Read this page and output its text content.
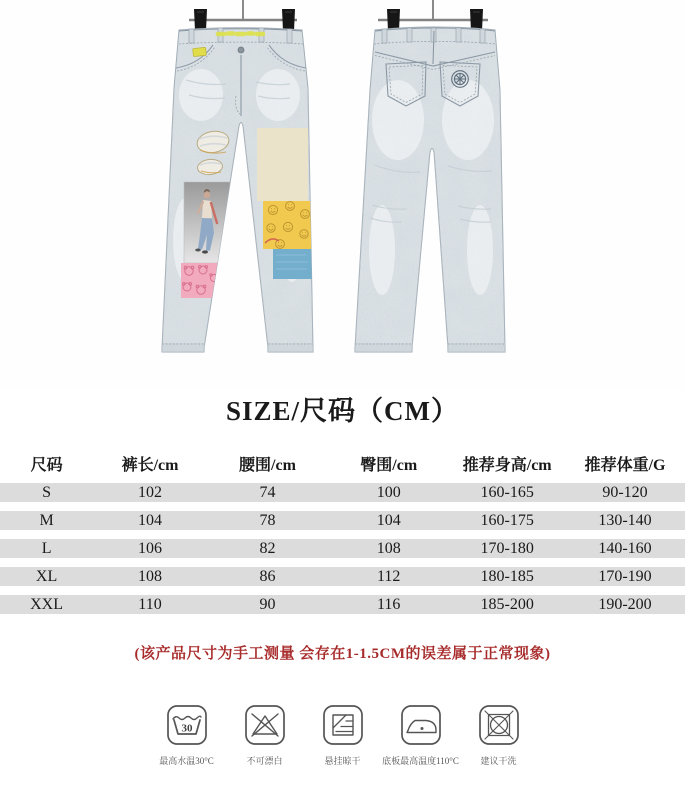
SIZE/尺码（CM）
尺码	裤长/cm	腰围/cm	臀围/cm	推荐身高/cm	推荐体重/G
S	102	74	100	160-165	90-120
M	104	78	104	160-175	130-140
L	106	82	108	170-180	140-160
XL	108	86	112	180-185	170-190
XXL	110	90	116	185-200	190-200
(该产品尺寸为手工测量 会存在1-1.5CM的误差属于正常现象)
30
最高水温30°C	不可漂白	悬挂晾干 底板最高温度110°C 建议干洗
